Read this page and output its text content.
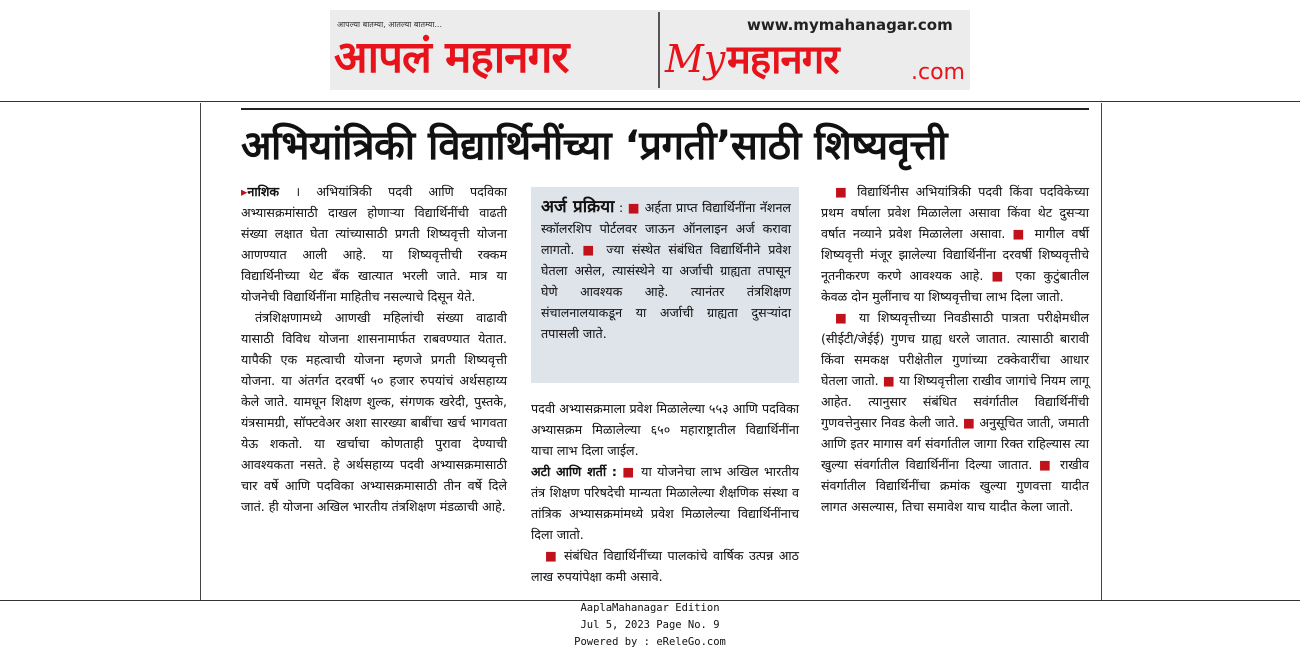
आपल्या बातम्या, आतल्या बातम्या...
आपलं महानगर
www.mymahanagar.com
My महानगर	.com
अभियांत्रिकी विद्यार्थिनींच्या ‘प्रगती’साठी शिष्यवृत्ती

▸नाशिक । अभियांत्रिकी पदवी आणि पदविका अभ्यासक्रमांसाठी दाखल होणाऱ्या विद्यार्थिनींची वाढती संख्या लक्षात घेता त्यांच्यासाठी प्रगती शिष्यवृत्ती योजना आणण्यात आली आहे. या शिष्यवृत्तीची रक्कम विद्यार्थिनीच्या थेट बँक खात्यात भरली जाते. मात्र या योजनेची विद्यार्थिनींना माहितीच नसल्याचे दिसून येते.

तंत्रशिक्षणामध्ये आणखी महिलांची संख्या वाढावी यासाठी विविध योजना शासनामार्फत राबवण्यात येतात. यापैकी एक महत्वाची योजना म्हणजे प्रगती शिष्यवृत्ती योजना. या अंतर्गत दरवर्षी ५० हजार रुपयांचं अर्थसहाय्य केले जाते. यामधून शिक्षण शुल्क, संगणक खरेदी, पुस्तके, यंत्रसामग्री, सॉफ्टवेअर अशा सारख्या बाबींचा खर्च भागवता येऊ शकतो. या खर्चाचा कोणताही पुरावा देण्याची आवश्यकता नसते. हे अर्थसहाय्य पदवी अभ्यासक्रमासाठी चार वर्षे आणि पदविका अभ्यासक्रमासाठी तीन वर्षे दिले जातं. ही योजना अखिल भारतीय तंत्रशिक्षण मंडळाची आहे.

अर्ज प्रक्रिया : ■ अर्हता प्राप्त विद्यार्थिनींना नॅशनल स्कॉलरशिप पोर्टलवर जाऊन ऑनलाइन अर्ज करावा लागतो. ■ ज्या संस्थेत संबंधित विद्यार्थिनीने प्रवेश घेतला असेल, त्यासंस्थेने या अर्जाची ग्राह्यता तपासून घेणे आवश्यक आहे. त्यानंतर तंत्रशिक्षण संचालनालयाकडून या अर्जाची ग्राह्यता दुसऱ्यांदा तपासली जाते.

पदवी अभ्यासक्रमाला प्रवेश मिळालेल्या ५५३ आणि पदविका अभ्यासक्रम मिळालेल्या ६५० महाराष्ट्रातील विद्यार्थिनींना याचा लाभ दिला जाईल.

अटी आणि शर्ती : ■ या योजनेचा लाभ अखिल भारतीय तंत्र शिक्षण परिषदेची मान्यता मिळालेल्या शैक्षणिक संस्था व तांत्रिक अभ्यासक्रमांमध्ये प्रवेश मिळालेल्या विद्यार्थिनींनाच दिला जातो.

■ संबंधित विद्यार्थिनींच्या पालकांचे वार्षिक उत्पन्न आठ लाख रुपयांपेक्षा कमी असावे.

■ विद्यार्थिनीस अभियांत्रिकी पदवी किंवा पदविकेच्या प्रथम वर्षाला प्रवेश मिळालेला असावा किंवा थेट दुसऱ्या वर्षात नव्याने प्रवेश मिळालेला असावा. ■ मागील वर्षी शिष्यवृत्ती मंजूर झालेल्या विद्यार्थिनींना दरवर्षी शिष्यवृत्तीचे नूतनीकरण करणे आवश्यक आहे. ■ एका कुटुंबातील केवळ दोन मुलींनाच या शिष्यवृत्तीचा लाभ दिला जातो.

■ या शिष्यवृत्तीच्या निवडीसाठी पात्रता परीक्षेमधील (सीईटी/जेईई) गुणच ग्राह्य धरले जातात. त्यासाठी बारावी किंवा समकक्ष परीक्षेतील गुणांच्या टक्केवारींचा आधार घेतला जातो. ■ या शिष्यवृत्तीला राखीव जागांचे नियम लागू आहेत. त्यानुसार संबंधित सवंर्गातील विद्यार्थिनींची गुणवत्तेनुसार निवड केली जाते. ■ अनुसूचित जाती, जमाती आणि इतर मागास वर्ग संवर्गातील जागा रिक्त राहिल्यास त्या खुल्या संवर्गातील विद्यार्थिनींना दिल्या जातात. ■ राखीव संवर्गातील विद्यार्थिनींचा क्रमांक खुल्या गुणवत्ता यादीत लागत असल्यास, तिचा समावेश याच यादीत केला जातो.

AaplaMahanagar Edition
Jul 5, 2023 Page No. 9
Powered by : eReleGo.com
